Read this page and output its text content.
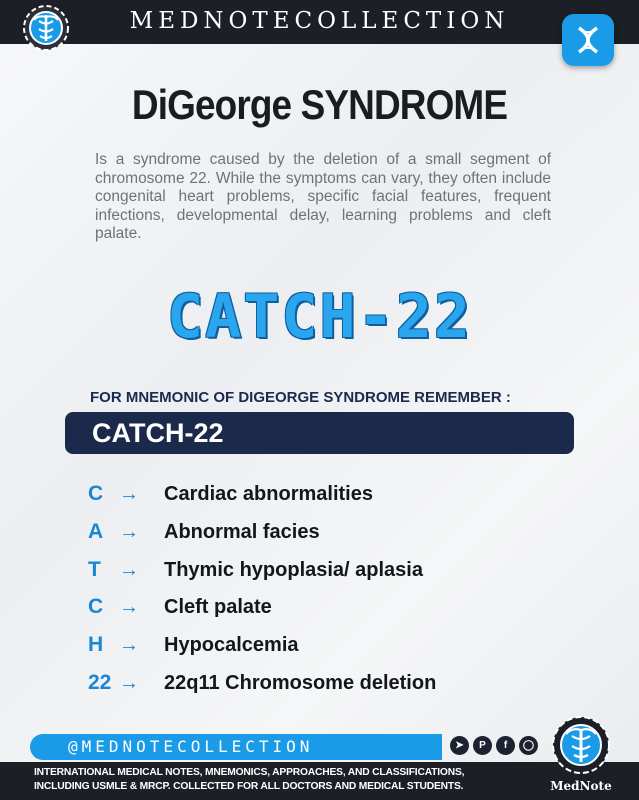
MEDNOTECOLLECTION
DiGeorge SYNDROME
Is a syndrome caused by the deletion of a small segment of chromosome 22. While the symptoms can vary, they often include congenital heart problems, specific facial features, frequent infections, developmental delay, learning problems and cleft palate.
CATCH-22
FOR MNEMONIC OF DIGEORGE SYNDROME REMEMBER :
CATCH-22
C → Cardiac abnormalities
A → Abnormal facies
T → Thymic hypoplasia/ aplasia
C → Cleft palate
H → Hypocalcemia
22 → 22q11 Chromosome deletion
@MEDNOTECOLLECTION	➤	P	f	◯
INTERNATIONAL MEDICAL NOTES, MNEMONICS, APPROACHES, AND CLASSIFICATIONS,
INCLUDING USMLE & MRCP. COLLECTED FOR ALL DOCTORS AND MEDICAL STUDENTS.	MedNote
